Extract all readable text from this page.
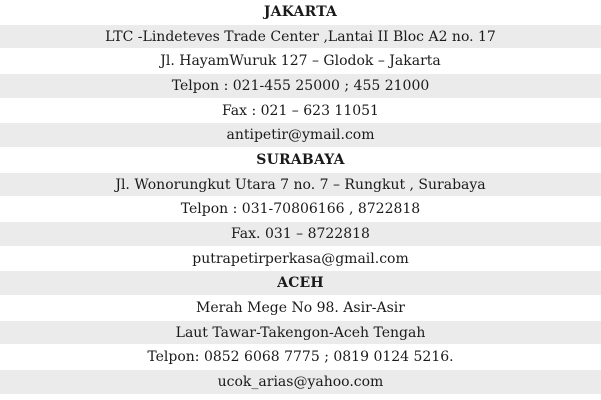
JAKARTA
LTC -Lindeteves Trade Center ,Lantai II Bloc A2 no. 17
Jl. HayamWuruk 127 – Glodok – Jakarta
Telpon : 021-455 25000 ; 455 21000
Fax : 021 – 623 11051
antipetir@ymail.com
SURABAYA
Jl. Wonorungkut Utara 7 no. 7 – Rungkut , Surabaya
Telpon : 031-70806166 , 8722818
Fax. 031 – 8722818
putrapetirperkasa@gmail.com
ACEH
Merah Mege No 98. Asir-Asir
Laut Tawar-Takengon-Aceh Tengah
Telpon: 0852 6068 7775 ; 0819 0124 5216.
ucok_arias@yahoo.com
